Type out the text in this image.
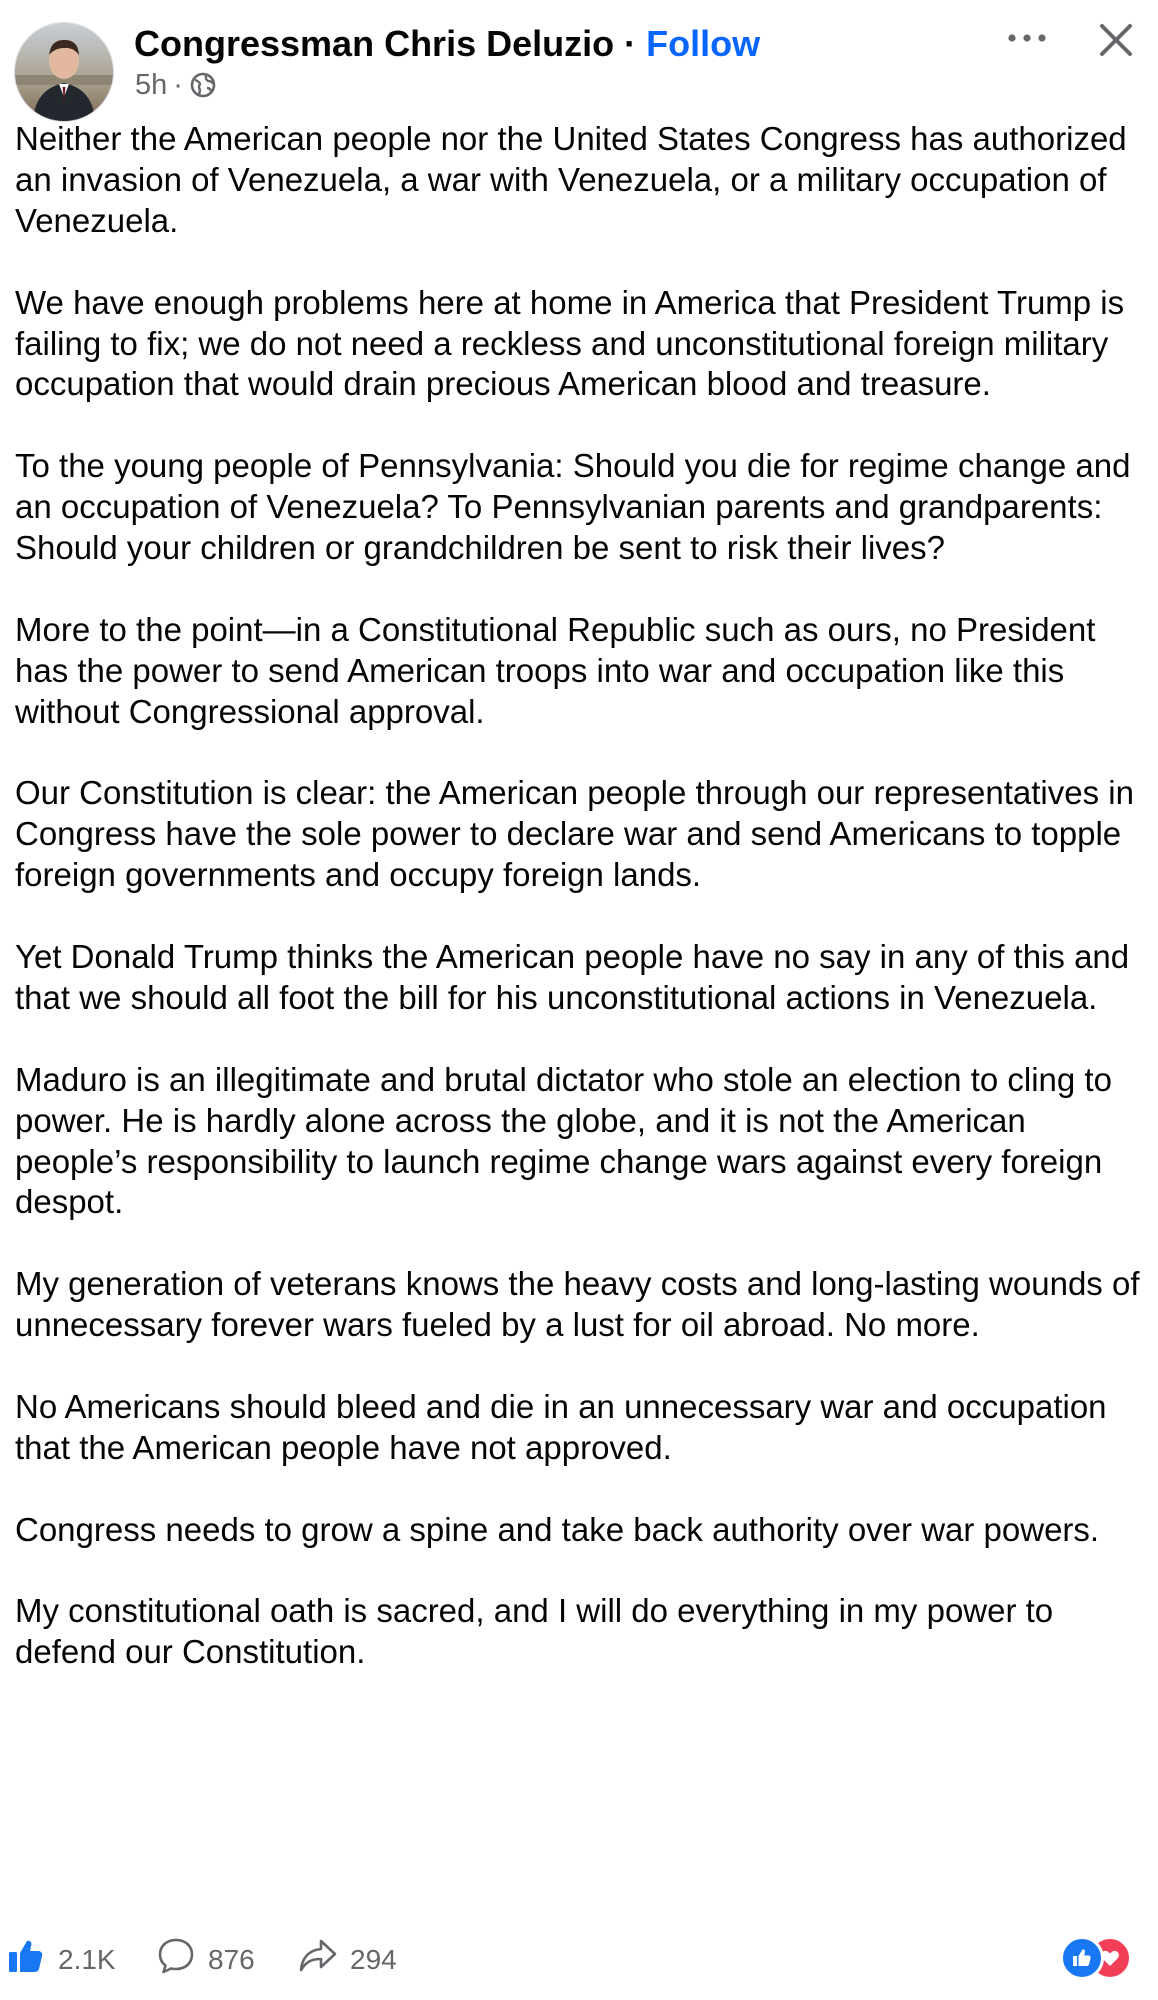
Congressman Chris Deluzio · Follow
5h ·

Neither the American people nor the United States Congress has authorized an invasion of Venezuela, a war with Venezuela, or a military occupation of Venezuela.

We have enough problems here at home in America that President Trump is failing to fix; we do not need a reckless and unconstitutional foreign military occupation that would drain precious American blood and treasure.

To the young people of Pennsylvania: Should you die for regime change and an occupation of Venezuela? To Pennsylvanian parents and grandparents: Should your children or grandchildren be sent to risk their lives?

More to the point—in a Constitutional Republic such as ours, no President has the power to send American troops into war and occupation like this without Congressional approval.

Our Constitution is clear: the American people through our representatives in Congress have the sole power to declare war and send Americans to topple foreign governments and occupy foreign lands.

Yet Donald Trump thinks the American people have no say in any of this and that we should all foot the bill for his unconstitutional actions in Venezuela.

Maduro is an illegitimate and brutal dictator who stole an election to cling to power. He is hardly alone across the globe, and it is not the American people’s responsibility to launch regime change wars against every foreign despot.

My generation of veterans knows the heavy costs and long-lasting wounds of unnecessary forever wars fueled by a lust for oil abroad. No more.

No Americans should bleed and die in an unnecessary war and occupation that the American people have not approved.

Congress needs to grow a spine and take back authority over war powers.

My constitutional oath is sacred, and I will do everything in my power to defend our Constitution.

2.1K	876	294
